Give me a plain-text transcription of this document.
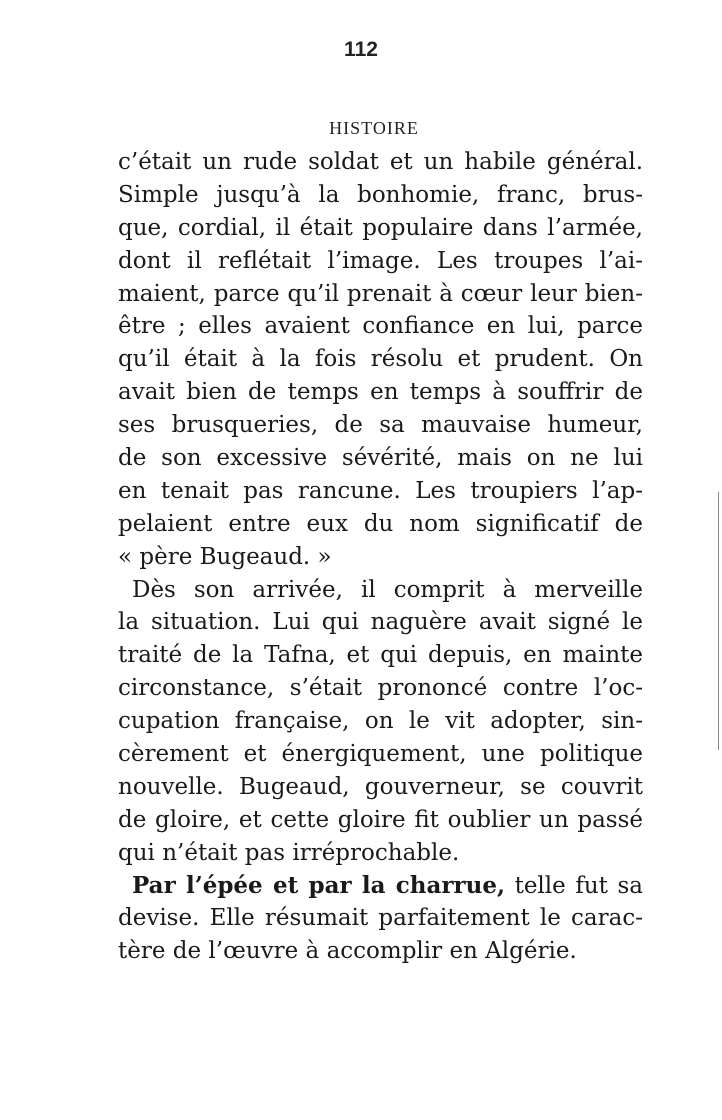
112
HISTOIRE

c’était un rude soldat et un habile général.
Simple jusqu’à la bonhomie, franc, brus-
que, cordial, il était populaire dans l’armée,
dont il reflétait l’image. Les troupes l’ai-
maient, parce qu’il prenait à cœur leur bien-
être ; elles avaient confiance en lui, parce
qu’il était à la fois résolu et prudent. On
avait bien de temps en temps à souffrir de
ses brusqueries, de sa mauvaise humeur,
de son excessive sévérité, mais on ne lui
en tenait pas rancune. Les troupiers l’ap-
pelaient entre eux du nom significatif de
« père Bugeaud. »

Dès son arrivée, il comprit à merveille
la situation. Lui qui naguère avait signé le
traité de la Tafna, et qui depuis, en mainte
circonstance, s’était prononcé contre l’oc-
cupation française, on le vit adopter, sin-
cèrement et énergiquement, une politique
nouvelle. Bugeaud, gouverneur, se couvrit
de gloire, et cette gloire fit oublier un passé
qui n’était pas irréprochable.

Par l’épée et par la charrue, telle fut sa
devise. Elle résumait parfaitement le carac-
tère de l’œuvre à accomplir en Algérie.
